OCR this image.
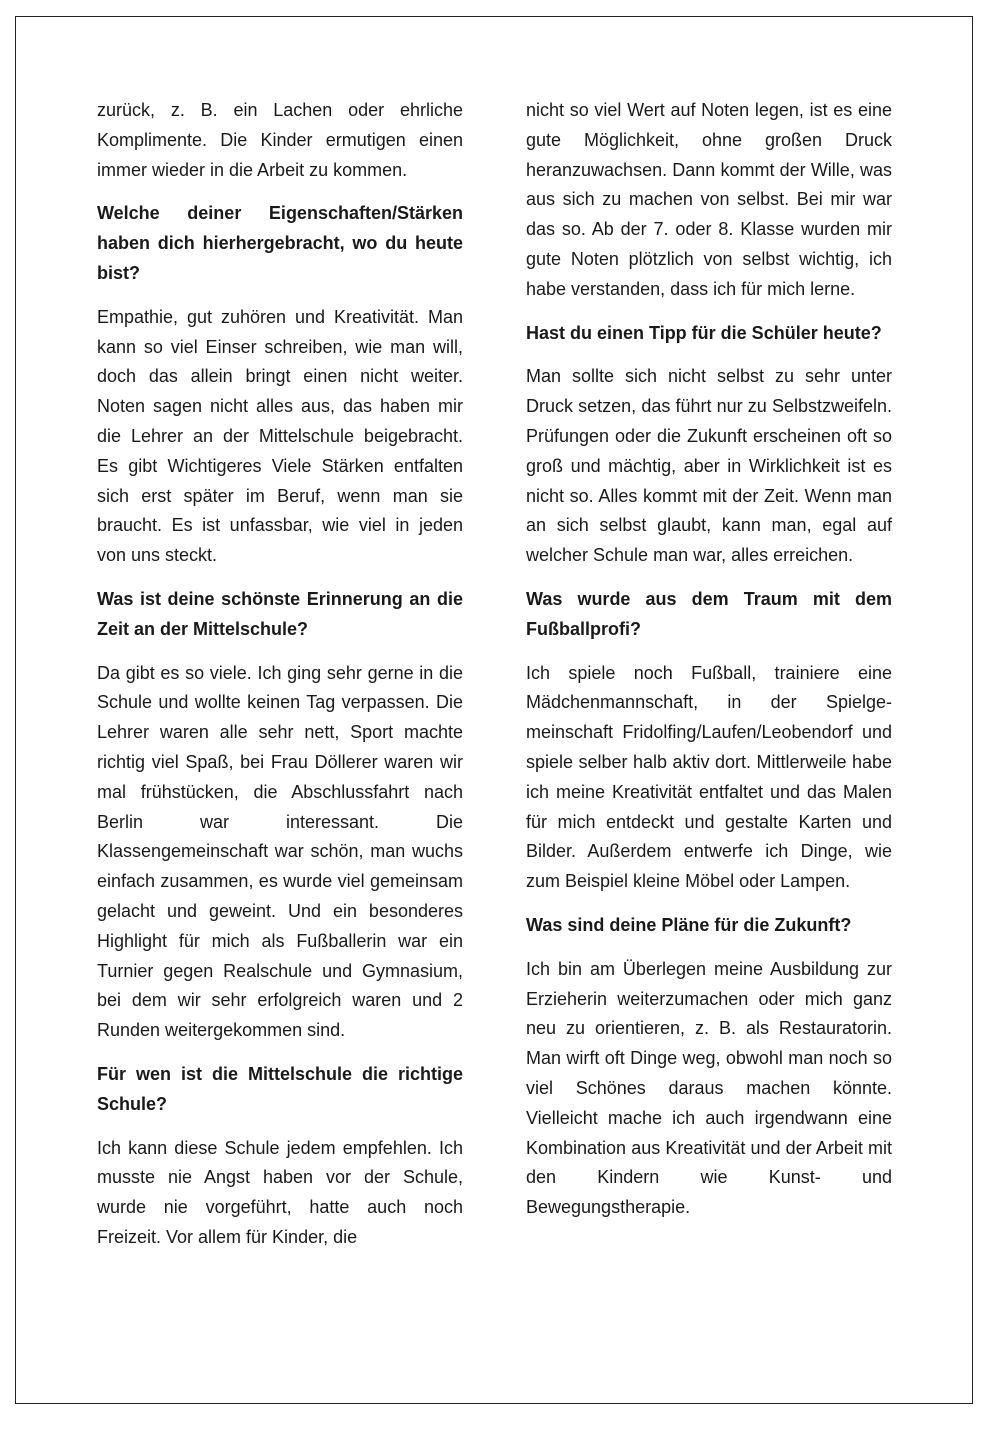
zurück, z. B. ein Lachen oder ehrliche Komplimente. Die Kinder ermutigen einen immer wieder in die Arbeit zu kommen.

Welche deiner Eigenschaften/Stärken haben dich hierhergebracht, wo du heute bist?

Empathie, gut zuhören und Kreativität. Man kann so viel Einser schreiben, wie man will, doch das allein bringt einen nicht weiter. Noten sagen nicht alles aus, das haben mir die Lehrer an der Mittelschule beigebracht. Es gibt Wichtigeres Viele Stärken entfalten sich erst später im Beruf, wenn man sie braucht. Es ist unfassbar, wie viel in jeden von uns steckt.

Was ist deine schönste Erinnerung an die Zeit an der Mittelschule?

Da gibt es so viele. Ich ging sehr gerne in die Schule und wollte keinen Tag verpassen. Die Lehrer waren alle sehr nett, Sport machte richtig viel Spaß, bei Frau Döllerer waren wir mal frühstücken, die Abschlussfahrt nach Berlin war interessant. Die Klassengemeinschaft war schön, man wuchs einfach zusammen, es wurde viel gemeinsam gelacht und geweint. Und ein besonderes Highlight für mich als Fußballerin war ein Turnier gegen Realschule und Gymnasium, bei dem wir sehr erfolgreich waren und 2 Runden weitergekommen sind.

Für wen ist die Mittelschule die richtige Schule?

Ich kann diese Schule jedem empfehlen. Ich musste nie Angst haben vor der Schule, wurde nie vorgeführt, hatte auch noch Freizeit. Vor allem für Kinder, die

nicht so viel Wert auf Noten legen, ist es eine gute Möglichkeit, ohne großen Druck heranzuwachsen. Dann kommt der Wille, was aus sich zu machen von selbst. Bei mir war das so. Ab der 7. oder 8. Klasse wurden mir gute Noten plötzlich von selbst wichtig, ich habe verstanden, dass ich für mich lerne.

Hast du einen Tipp für die Schüler heute?

Man sollte sich nicht selbst zu sehr unter Druck setzen, das führt nur zu Selbstzweifeln. Prüfungen oder die Zukunft erscheinen oft so groß und mächtig, aber in Wirklichkeit ist es nicht so. Alles kommt mit der Zeit. Wenn man an sich selbst glaubt, kann man, egal auf welcher Schule man war, alles erreichen.

Was wurde aus dem Traum mit dem Fußballprofi?

Ich spiele noch Fußball, trainiere eine Mädchenmannschaft, in der Spielgemeinschaft Fridolfing/Laufen/Leobendorf und spiele selber halb aktiv dort. Mittlerweile habe ich meine Kreativität entfaltet und das Malen für mich entdeckt und gestalte Karten und Bilder. Außerdem entwerfe ich Dinge, wie zum Beispiel kleine Möbel oder Lampen.

Was sind deine Pläne für die Zukunft?

Ich bin am Überlegen meine Ausbildung zur Erzieherin weiterzumachen oder mich ganz neu zu orientieren, z. B. als Restauratorin. Man wirft oft Dinge weg, obwohl man noch so viel Schönes daraus machen könnte. Vielleicht mache ich auch irgendwann eine Kombination aus Kreativität und der Arbeit mit den Kindern wie Kunst- und Bewegungstherapie.
